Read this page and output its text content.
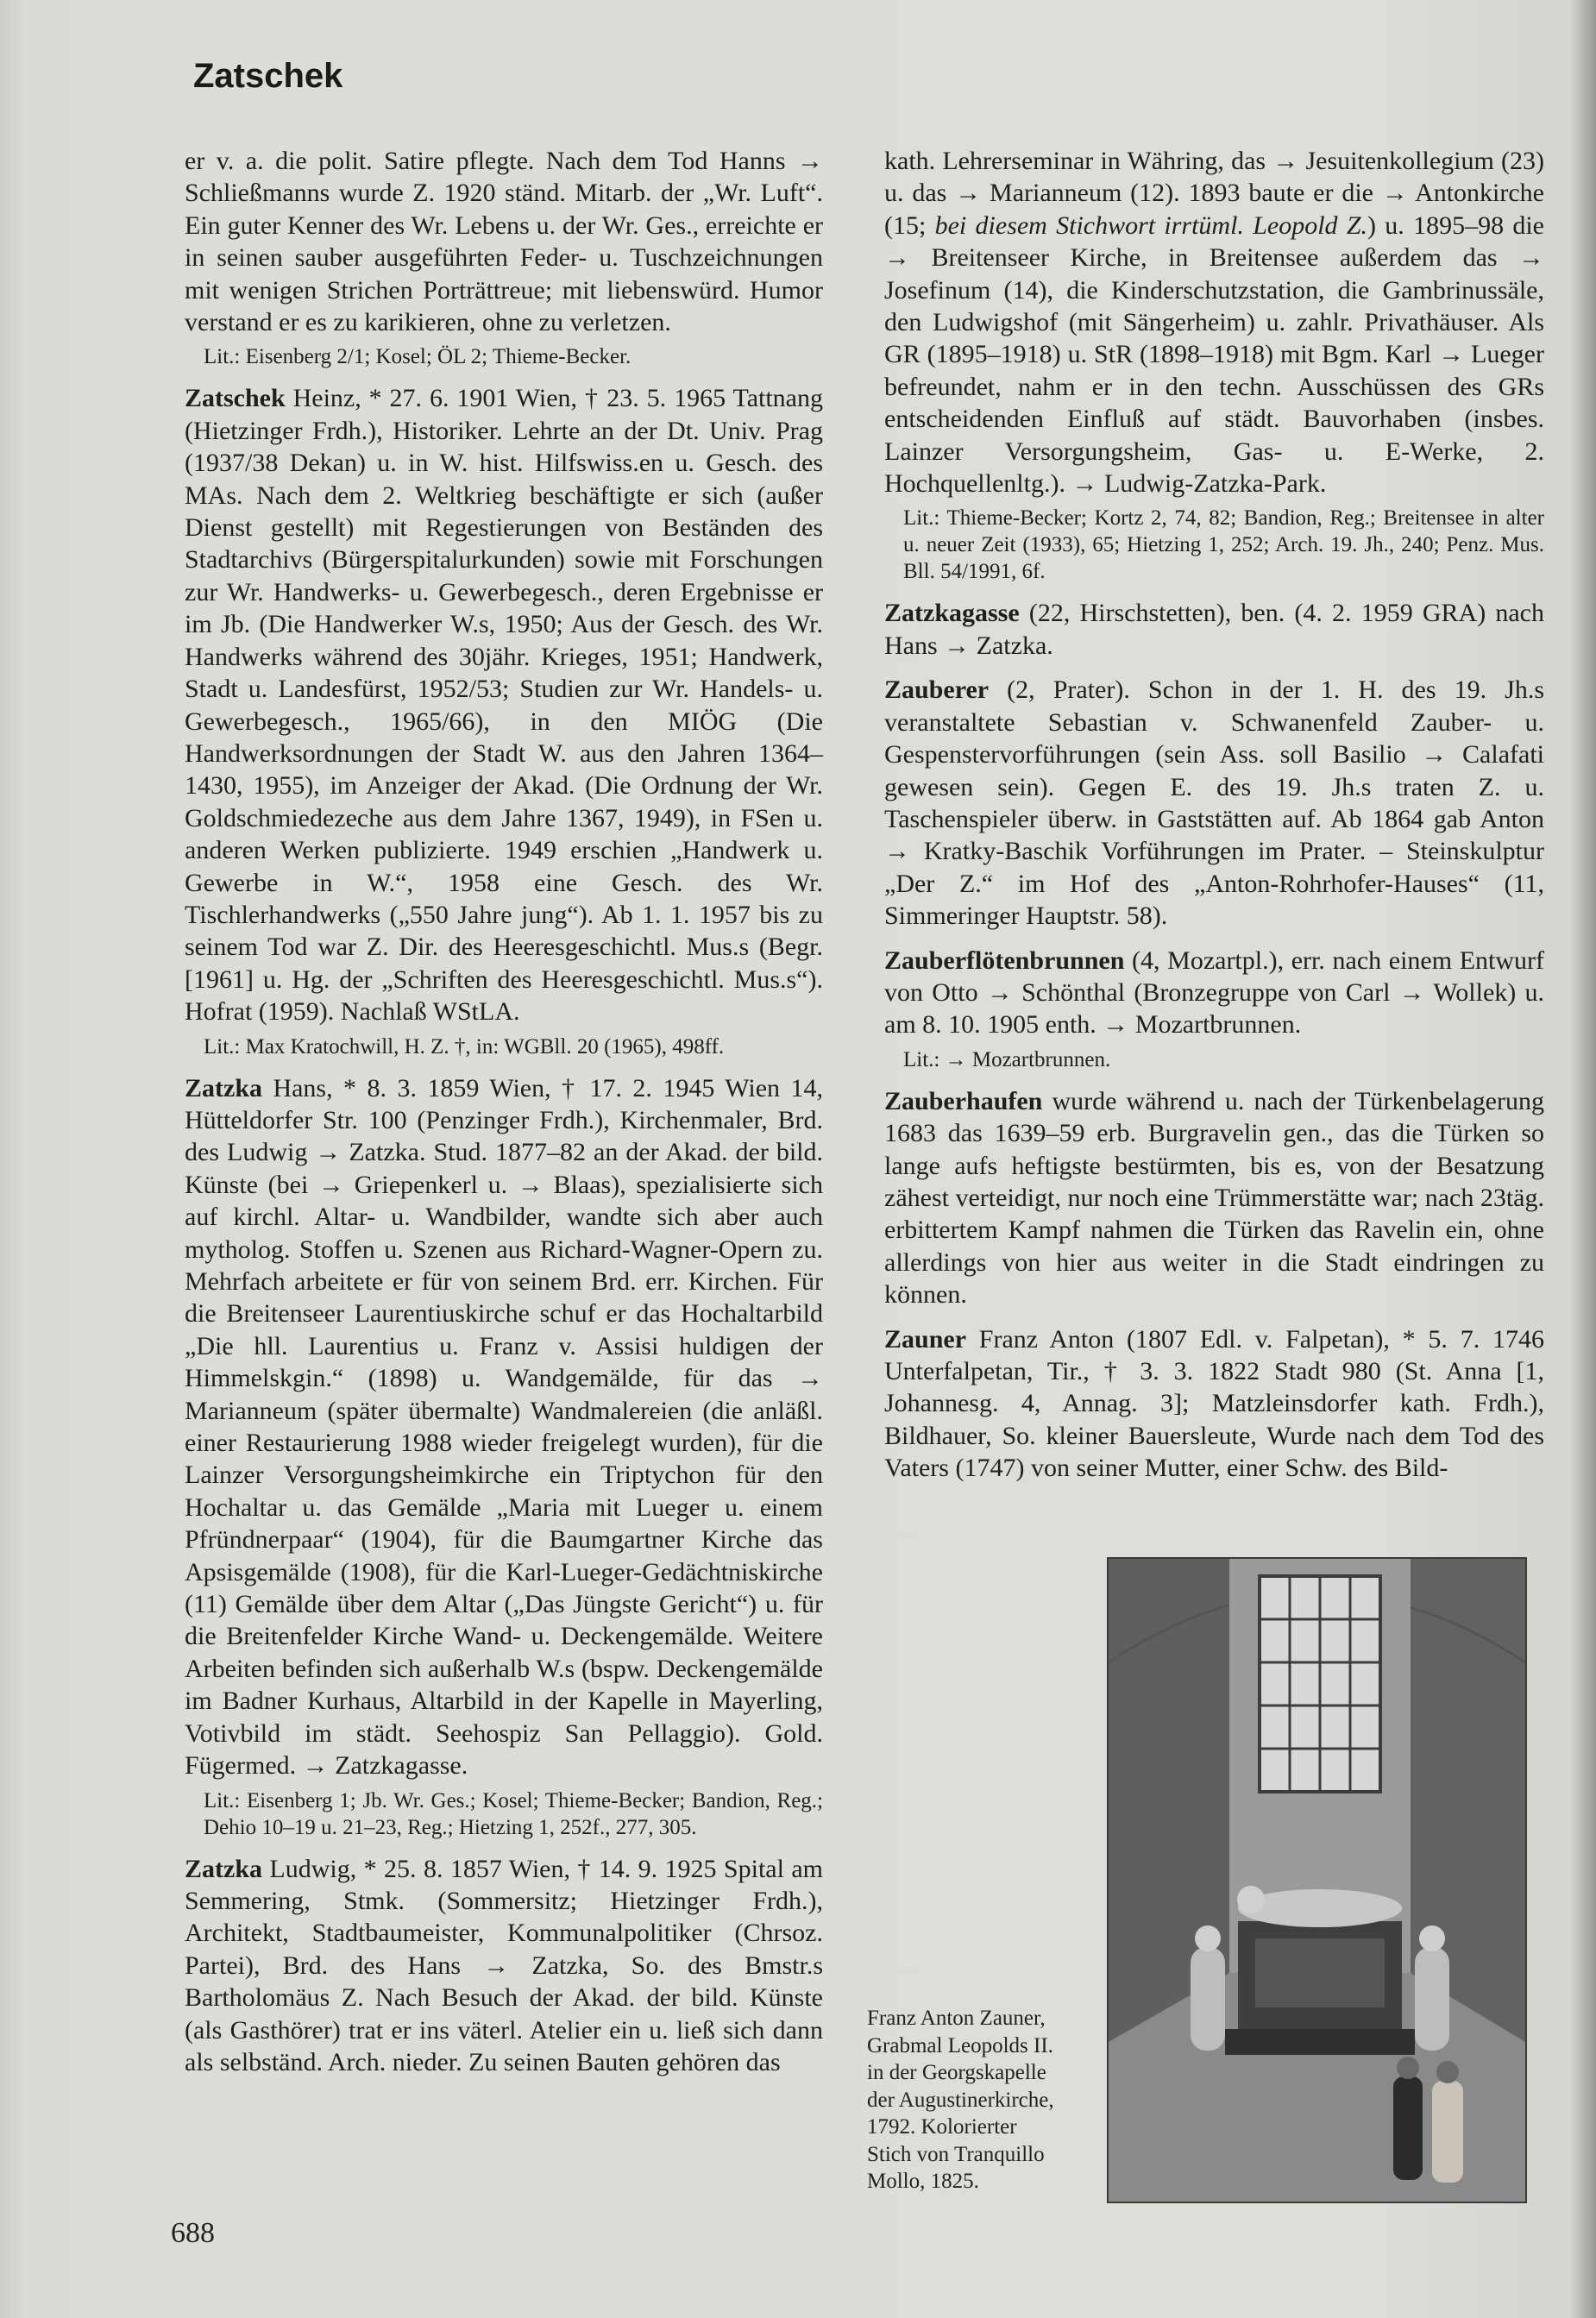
Zatschek

er v. a. die polit. Satire pflegte. Nach dem Tod Hanns → Schließmanns wurde Z. 1920 ständ. Mitarb. der „Wr. Luft“. Ein guter Kenner des Wr. Lebens u. der Wr. Ges., erreichte er in seinen sauber ausgeführten Feder- u. Tuschzeichnungen mit wenigen Strichen Porträttreue; mit liebenswürd. Humor verstand er es zu karikieren, ohne zu verletzen.

Lit.: Eisenberg 2/1; Kosel; ÖL 2; Thieme-Becker.

Zatschek Heinz, * 27. 6. 1901 Wien, † 23. 5. 1965 Tattnang (Hietzinger Frdh.), Historiker. Lehrte an der Dt. Univ. Prag (1937/38 Dekan) u. in W. hist. Hilfswiss.en u. Gesch. des MAs. Nach dem 2. Weltkrieg beschäftigte er sich (außer Dienst gestellt) mit Regestierungen von Beständen des Stadtarchivs (Bürgerspitalurkunden) sowie mit Forschungen zur Wr. Handwerks- u. Gewerbegesch., deren Ergebnisse er im Jb. (Die Handwerker W.s, 1950; Aus der Gesch. des Wr. Handwerks während des 30jähr. Krieges, 1951; Handwerk, Stadt u. Landesfürst, 1952/53; Studien zur Wr. Handels- u. Gewerbegesch., 1965/66), in den MIÖG (Die Handwerksordnungen der Stadt W. aus den Jahren 1364–1430, 1955), im Anzeiger der Akad. (Die Ordnung der Wr. Goldschmiedezeche aus dem Jahre 1367, 1949), in FSen u. anderen Werken publizierte. 1949 erschien „Handwerk u. Gewerbe in W.“, 1958 eine Gesch. des Wr. Tischlerhandwerks („550 Jahre jung“). Ab 1. 1. 1957 bis zu seinem Tod war Z. Dir. des Heeresgeschichtl. Mus.s (Begr. [1961] u. Hg. der „Schriften des Heeresgeschichtl. Mus.s“). Hofrat (1959). Nachlaß WStLA.

Lit.: Max Kratochwill, H. Z. †, in: WGBll. 20 (1965), 498ff.

Zatzka Hans, * 8. 3. 1859 Wien, † 17. 2. 1945 Wien 14, Hütteldorfer Str. 100 (Penzinger Frdh.), Kirchenmaler, Brd. des Ludwig → Zatzka. Stud. 1877–82 an der Akad. der bild. Künste (bei → Griepenkerl u. → Blaas), spezialisierte sich auf kirchl. Altar- u. Wandbilder, wandte sich aber auch mytholog. Stoffen u. Szenen aus Richard-Wagner-Opern zu. Mehrfach arbeitete er für von seinem Brd. err. Kirchen. Für die Breitenseer Laurentiuskirche schuf er das Hochaltarbild „Die hll. Laurentius u. Franz v. Assisi huldigen der Himmelskgin.“ (1898) u. Wandgemälde, für das → Marianneum (später übermalte) Wandmalereien (die anläßl. einer Restaurierung 1988 wieder freigelegt wurden), für die Lainzer Versorgungsheimkirche ein Triptychon für den Hochaltar u. das Gemälde „Maria mit Lueger u. einem Pfründnerpaar“ (1904), für die Baumgartner Kirche das Apsisgemälde (1908), für die Karl-Lueger-Gedächtniskirche (11) Gemälde über dem Altar („Das Jüngste Gericht“) u. für die Breitenfelder Kirche Wand- u. Deckengemälde. Weitere Arbeiten befinden sich außerhalb W.s (bspw. Deckengemälde im Badner Kurhaus, Altarbild in der Kapelle in Mayerling, Votivbild im städt. Seehospiz San Pellaggio). Gold. Fügermed. → Zatzkagasse.

Lit.: Eisenberg 1; Jb. Wr. Ges.; Kosel; Thieme-Becker; Bandion, Reg.; Dehio 10–19 u. 21–23, Reg.; Hietzing 1, 252f., 277, 305.

Zatzka Ludwig, * 25. 8. 1857 Wien, † 14. 9. 1925 Spital am Semmering, Stmk. (Sommersitz; Hietzinger Frdh.), Architekt, Stadtbaumeister, Kommunalpolitiker (Chrsoz. Partei), Brd. des Hans → Zatzka, So. des Bmstr.s Bartholomäus Z. Nach Besuch der Akad. der bild. Künste (als Gasthörer) trat er ins väterl. Atelier ein u. ließ sich dann als selbständ. Arch. nieder. Zu seinen Bauten gehören das

kath. Lehrerseminar in Währing, das → Jesuitenkollegium (23) u. das → Marianneum (12). 1893 baute er die → Antonkirche (15; bei diesem Stichwort irrtüml. Leopold Z.) u. 1895–98 die → Breitenseer Kirche, in Breitensee außerdem das → Josefinum (14), die Kinderschutzstation, die Gambrinussäle, den Ludwigshof (mit Sängerheim) u. zahlr. Privathäuser. Als GR (1895–1918) u. StR (1898–1918) mit Bgm. Karl → Lueger befreundet, nahm er in den techn. Ausschüssen des GRs entscheidenden Einfluß auf städt. Bauvorhaben (insbes. Lainzer Versorgungsheim, Gas- u. E-Werke, 2. Hochquellenltg.). → Ludwig-Zatzka-Park.

Lit.: Thieme-Becker; Kortz 2, 74, 82; Bandion, Reg.; Breitensee in alter u. neuer Zeit (1933), 65; Hietzing 1, 252; Arch. 19. Jh., 240; Penz. Mus. Bll. 54/1991, 6f.

Zatzkagasse (22, Hirschstetten), ben. (4. 2. 1959 GRA) nach Hans → Zatzka.

Zauberer (2, Prater). Schon in der 1. H. des 19. Jh.s veranstaltete Sebastian v. Schwanenfeld Zauber- u. Gespenstervorführungen (sein Ass. soll Basilio → Calafati gewesen sein). Gegen E. des 19. Jh.s traten Z. u. Taschenspieler überw. in Gaststätten auf. Ab 1864 gab Anton → Kratky-Baschik Vorführungen im Prater. – Steinskulptur „Der Z.“ im Hof des „Anton-Rohrhofer-Hauses“ (11, Simmeringer Hauptstr. 58).

Zauberflötenbrunnen (4, Mozartpl.), err. nach einem Entwurf von Otto → Schönthal (Bronzegruppe von Carl → Wollek) u. am 8. 10. 1905 enth. → Mozartbrunnen.

Lit.: → Mozartbrunnen.

Zauberhaufen wurde während u. nach der Türkenbelagerung 1683 das 1639–59 erb. Burgravelin gen., das die Türken so lange aufs heftigste bestürmten, bis es, von der Besatzung zähest verteidigt, nur noch eine Trümmerstätte war; nach 23täg. erbittertem Kampf nahmen die Türken das Ravelin ein, ohne allerdings von hier aus weiter in die Stadt eindringen zu können.

Zauner Franz Anton (1807 Edl. v. Falpetan), * 5. 7. 1746 Unterfalpetan, Tir., † 3. 3. 1822 Stadt 980 (St. Anna [1, Johannesg. 4, Annag. 3]; Matzleinsdorfer kath. Frdh.), Bildhauer, So. kleiner Bauersleute, Wurde nach dem Tod des Vaters (1747) von seiner Mutter, einer Schw. des Bild-

Franz Anton Zauner,
Grabmal Leopolds II.
in der Georgskapelle
der Augustinerkirche,
1792. Kolorierter
Stich von Tranquillo
Mollo, 1825.
688
